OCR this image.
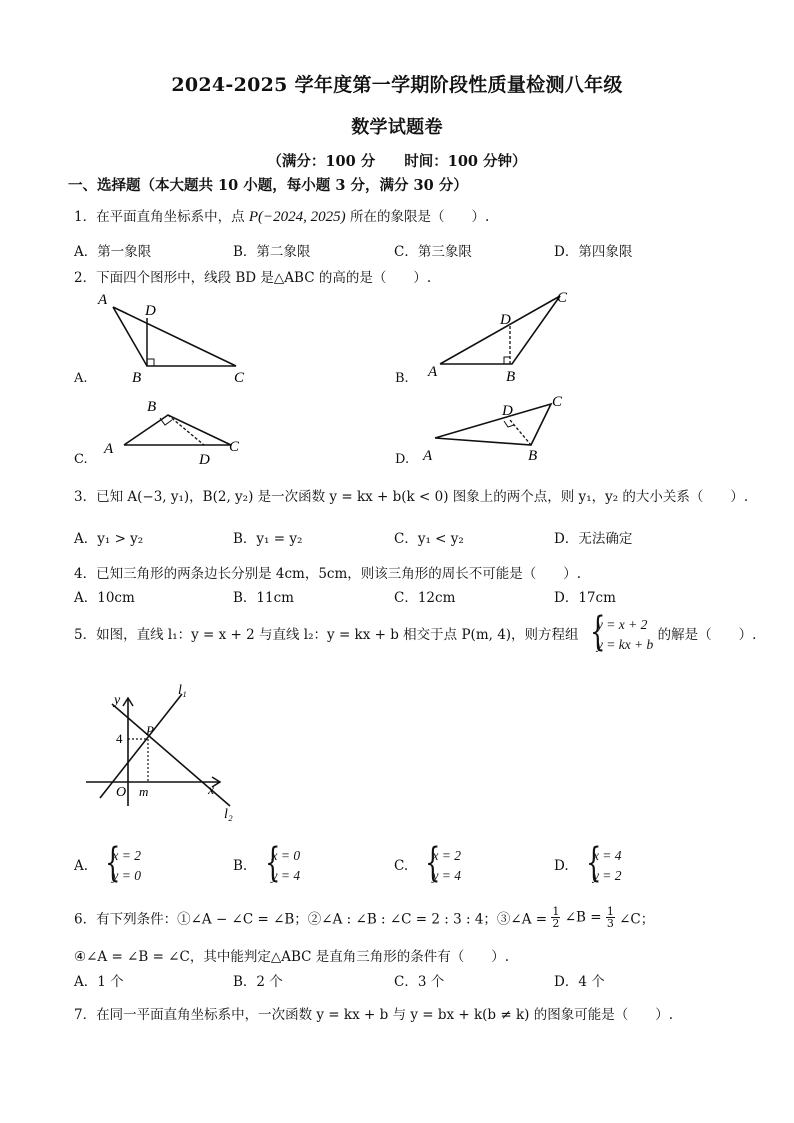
2024-2025 学年度第一学期阶段性质量检测八年级
数学试题卷
（满分：100 分　　时间：100 分钟）
一、选择题（本大题共 10 小题，每小题 3 分，满分 30 分）
1．在平面直角坐标系中，点 P(−2024, 2025) 所在的象限是（　　）.
A．第一象限	B．第二象限	C．第三象限	D．第四象限
2．下面四个图形中，线段 BD 是△ABC 的高的是（　　）.
A.
A
D
B	C	B. A
D
B
C
C.
B
A	C
D	D. A
D
B
C
3．已知 A(−3, y₁)，B(2, y₂) 是一次函数 y = kx + b(k < 0) 图象上的两个点，则 y₁，y₂ 的大小关系（　　）.
A．y₁ > y₂	B．y₁ = y₂	C．y₁ < y₂	D．无法确定
4．已知三角形的两条边长分别是 4cm，5cm，则该三角形的周长不可能是（　　）.
A．10cm	B．11cm	C．12cm	D．17cm
5．如图，直线 l₁：y = x + 2 与直线 l₂：y = kx + b 相交于点 P(m, 4)，则方程组
{ y = x + 2
y = kx + b
的解是（　　）.
y
P
4
O m	x
l₁
l₂
A.
{ x = 2
y = 0
B.
{ x = 0
y = 4
C.
{ x = 2
y = 4
D.
{ x = 4
y = 2
6．有下列条件：①∠A − ∠C = ∠B；②∠A : ∠B : ∠C = 2 : 3 : 4；③∠A = $\frac{1}{2}$ ∠B = $\frac{1}{3}$ ∠C；
④∠A = ∠B = ∠C，其中能判定△ABC 是直角三角形的条件有（　　）.
A．1 个	B．2 个	C．3 个	D．4 个
7．在同一平面直角坐标系中，一次函数 y = kx + b 与 y = bx + k(b ≠ k) 的图象可能是（　　）.
